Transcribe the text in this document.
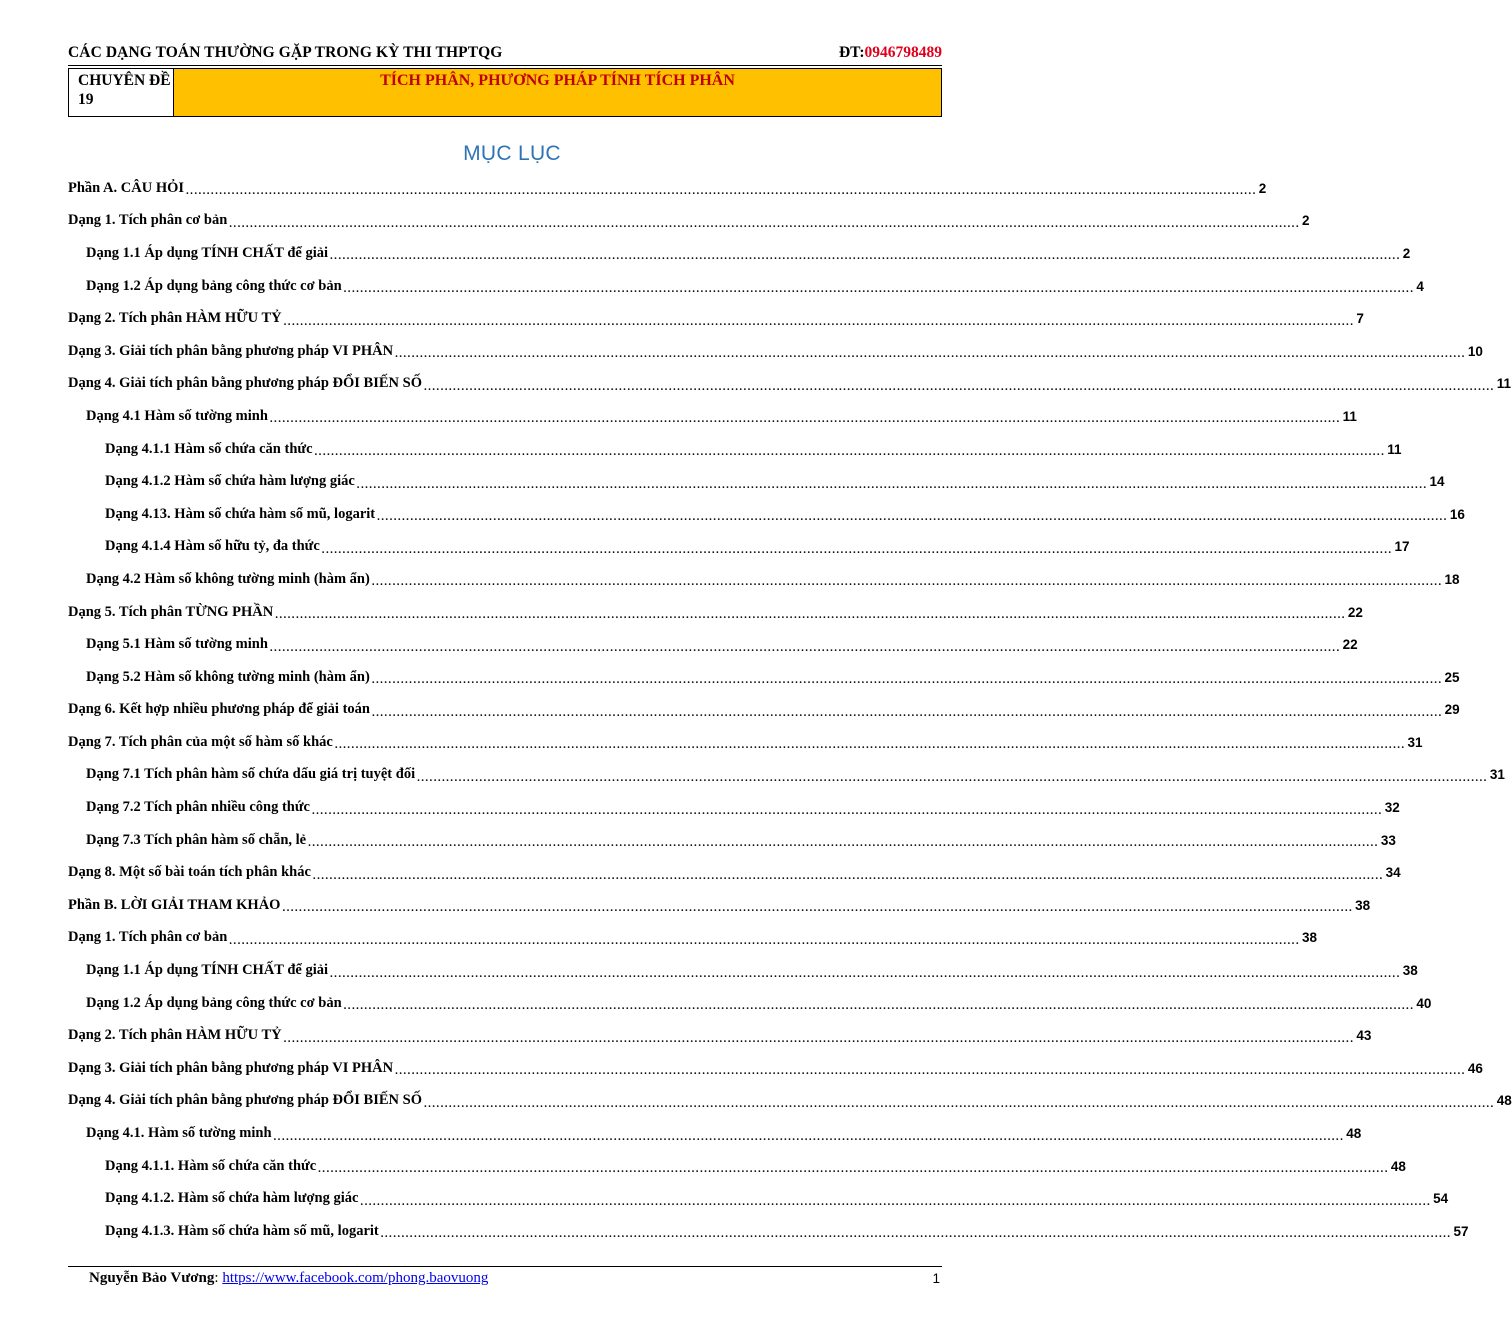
CÁC DẠNG TOÁN THƯỜNG GẶP TRONG KỲ THI THPTQG	ĐT:0946798489
CHUYÊN ĐỀ 19
TÍCH PHÂN, PHƯƠNG PHÁP TÍNH TÍCH PHÂN
MỤC LỤC
Phần A. CÂU HỎI .................................................................................................................................................................................................................................................................. 2
Dạng 1. Tích phân cơ bản .................................................................................................................................................................................................................................................................. 2
Dạng 1.1 Áp dụng TÍNH CHẤT để giải .................................................................................................................................................................................................................................................................. 2
Dạng 1.2 Áp dụng bảng công thức cơ bản .................................................................................................................................................................................................................................................................. 4
Dạng 2. Tích phân HÀM HỮU TỶ .................................................................................................................................................................................................................................................................. 7
Dạng 3. Giải tích phân bằng phương pháp VI PHÂN .................................................................................................................................................................................................................................................................. 10
Dạng 4. Giải tích phân bằng phương pháp ĐỔI BIẾN SỐ .................................................................................................................................................................................................................................................................. 11
Dạng 4.1 Hàm số tường minh .................................................................................................................................................................................................................................................................. 11
Dạng 4.1.1 Hàm số chứa căn thức .................................................................................................................................................................................................................................................................. 11
Dạng 4.1.2 Hàm số chứa hàm lượng giác .................................................................................................................................................................................................................................................................. 14
Dạng 4.13. Hàm số chứa hàm số mũ, logarit .................................................................................................................................................................................................................................................................. 16
Dạng 4.1.4 Hàm số hữu tỷ, đa thức .................................................................................................................................................................................................................................................................. 17
Dạng 4.2 Hàm số không tường minh (hàm ẩn) .................................................................................................................................................................................................................................................................. 18
Dạng 5. Tích phân TỪNG PHẦN .................................................................................................................................................................................................................................................................. 22
Dạng 5.1 Hàm số tường minh .................................................................................................................................................................................................................................................................. 22
Dạng 5.2 Hàm số không tường minh (hàm ẩn) .................................................................................................................................................................................................................................................................. 25
Dạng 6. Kết hợp nhiều phương pháp để giải toán .................................................................................................................................................................................................................................................................. 29
Dạng 7. Tích phân của một số hàm số khác .................................................................................................................................................................................................................................................................. 31
Dạng 7.1 Tích phân hàm số chứa dấu giá trị tuyệt đối .................................................................................................................................................................................................................................................................. 31
Dạng 7.2 Tích phân nhiều công thức .................................................................................................................................................................................................................................................................. 32
Dạng 7.3 Tích phân hàm số chẵn, lẻ .................................................................................................................................................................................................................................................................. 33
Dạng 8. Một số bài toán tích phân khác .................................................................................................................................................................................................................................................................. 34
Phần B. LỜI GIẢI THAM KHẢO .................................................................................................................................................................................................................................................................. 38
Dạng 1. Tích phân cơ bản .................................................................................................................................................................................................................................................................. 38
Dạng 1.1 Áp dụng TÍNH CHẤT để giải .................................................................................................................................................................................................................................................................. 38
Dạng 1.2 Áp dụng bảng công thức cơ bản .................................................................................................................................................................................................................................................................. 40
Dạng 2. Tích phân HÀM HỮU TỶ .................................................................................................................................................................................................................................................................. 43
Dạng 3. Giải tích phân bằng phương pháp VI PHÂN .................................................................................................................................................................................................................................................................. 46
Dạng 4. Giải tích phân bằng phương pháp ĐỔI BIẾN SỐ .................................................................................................................................................................................................................................................................. 48
Dạng 4.1. Hàm số tường minh .................................................................................................................................................................................................................................................................. 48
Dạng 4.1.1. Hàm số chứa căn thức .................................................................................................................................................................................................................................................................. 48
Dạng 4.1.2. Hàm số chứa hàm lượng giác .................................................................................................................................................................................................................................................................. 54
Dạng 4.1.3. Hàm số chứa hàm số mũ, logarit .................................................................................................................................................................................................................................................................. 57
Nguyễn Bảo Vương: https://www.facebook.com/phong.baovuong	1
